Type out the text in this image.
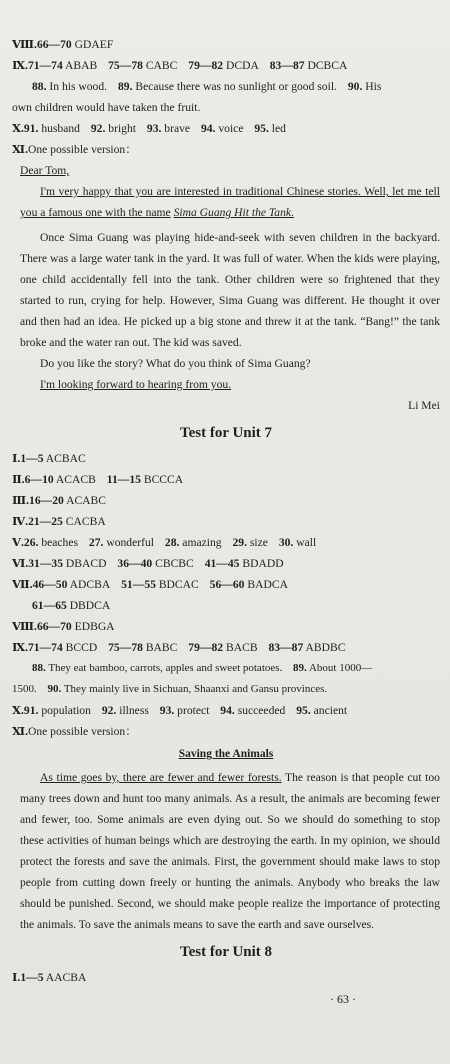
Ⅷ.66—70 GDAEF

Ⅸ.71—74 ABAB 75—78 CABC 79—82 DCDA 83—87 DCBCA

88. In his wood. 89. Because there was no sunlight or good soil. 90. His

own children would have taken the fruit.

Ⅹ.91. husband 92. bright 93. brave 94. voice 95. led

Ⅺ.One possible version：

Dear Tom,

I'm very happy that you are interested in traditional Chinese stories. Well, let me tell you a famous one with the name Sima Guang Hit the Tank.

Once Sima Guang was playing hide-and-seek with seven children in the backyard. There was a large water tank in the yard. It was full of water. When the kids were playing, one child accidentally fell into the tank. Other children were so frightened that they started to run, crying for help. However, Sima Guang was different. He thought it over and then had an idea. He picked up a big stone and threw it at the tank. “Bang!” the tank broke and the water ran out. The kid was saved.

Do you like the story? What do you think of Sima Guang?

I'm looking forward to hearing from you.

Li Mei

Test for Unit 7

Ⅰ.1—5 ACBAC

Ⅱ.6—10 ACACB 11—15 BCCCA

Ⅲ.16—20 ACABC

Ⅳ.21—25 CACBA

Ⅴ.26. beaches 27. wonderful 28. amazing 29. size 30. wall

Ⅵ.31—35 DBACD 36—40 CBCBC 41—45 BDADD

Ⅶ.46—50 ADCBA 51—55 BDCAC 56—60 BADCA

61—65 DBDCA

Ⅷ.66—70 EDBGA

Ⅸ.71—74 BCCD 75—78 BABC 79—82 BACB 83—87 ABDBC

88. They eat bamboo, carrots, apples and sweet potatoes. 89. About 1000—

1500. 90. They mainly live in Sichuan, Shaanxi and Gansu provinces.

Ⅹ.91. population 92. illness 93. protect 94. succeeded 95. ancient

Ⅺ.One possible version：

Saving the Animals

As time goes by, there are fewer and fewer forests. The reason is that people cut too many trees down and hunt too many animals. As a result, the animals are becoming fewer and fewer, too. Some animals are even dying out. So we should do something to stop these activities of human beings which are destroying the earth. In my opinion, we should protect the forests and save the animals. First, the government should make laws to stop people from cutting down freely or hunting the animals. Anybody who breaks the law should be punished. Second, we should make people realize the importance of protecting the animals. To save the animals means to save the earth and save ourselves.

Test for Unit 8

Ⅰ.1—5 AACBA

· 63 ·
